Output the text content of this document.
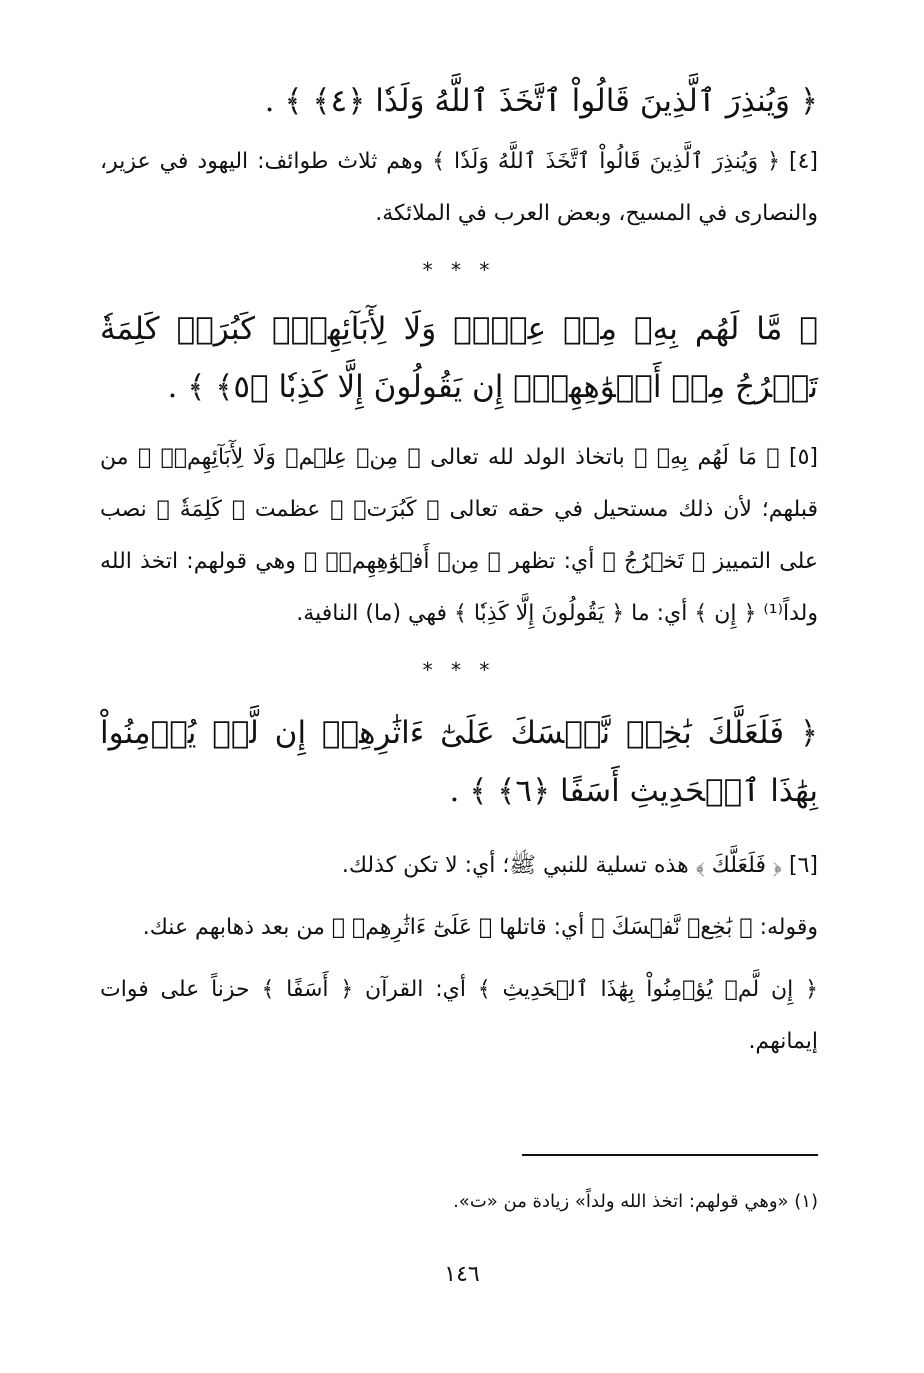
﴿ وَيُنذِرَ ٱلَّذِينَ قَالُواْ ٱتَّخَذَ ٱللَّهُ وَلَدٗا ﴿٤﴾ ﴾ .
[٤] ﴿ وَيُنذِرَ ٱلَّذِينَ قَالُواْ ٱتَّخَذَ ٱللَّهُ وَلَدٗا ﴾ وهم ثلاث طوائف: اليهود في عزير، والنصارى في المسيح، وبعض العرب في الملائكة.
* * *
﴿ مَّا لَهُم بِهِۦ مِنۡ عِلۡمٖ وَلَا لِأٓبَآئِهِمۡۚ كَبُرَتۡ كَلِمَةٗ تَخۡرُجُ مِنۡ أَفۡوَٰهِهِمۡۚ إِن يَقُولُونَ إِلَّا كَذِبٗا ﴿٥﴾ ﴾ .
[٥] ﴿ مَا لَهُم بِهِۦ ﴾ باتخاذ الولد لله تعالى ﴿ مِنۡ عِلۡمٖ وَلَا لِأٓبَآئِهِمۡۚ ﴾ من قبلهم؛ لأن ذلك مستحيل في حقه تعالى ﴿ كَبُرَتۡ ﴾ عظمت ﴿ كَلِمَةٗ ﴾ نصب على التمييز ﴿ تَخۡرُجُ ﴾ أي: تظهر ﴿ مِنۡ أَفۡوَٰهِهِمۡۚ ﴾ وهي قولهم: اتخذ الله ولداً⁽¹⁾ ﴿ إِن ﴾ أي: ما ﴿ يَقُولُونَ إِلَّا كَذِبٗا ﴾ فهي (ما) النافية.
* * *
﴿ فَلَعَلَّكَ بَٰخِعٞ نَّفۡسَكَ عَلَىٰٓ ءَاثَٰرِهِمۡ إِن لَّمۡ يُؤۡمِنُواْ بِهَٰذَا ٱلۡحَدِيثِ أَسَفًا ﴿٦﴾ ﴾ .
[٦] ﴿ فَلَعَلَّكَ ﴾ هذه تسلية للنبي ﷺ؛ أي: لا تكن كذلك.
وقوله: ﴿ بَٰخِعٞ نَّفۡسَكَ ﴾ أي: قاتلها ﴿ عَلَىٰٓ ءَاثَٰرِهِمۡ ﴾ من بعد ذهابهم عنك.
﴿ إِن لَّمۡ يُؤۡمِنُواْ بِهَٰذَا ٱلۡحَدِيثِ ﴾ أي: القرآن ﴿ أَسَفًا ﴾ حزناً على فوات إيمانهم.
(١) «وهي قولهم: اتخذ الله ولداً» زيادة من «ت».
١٤٦
